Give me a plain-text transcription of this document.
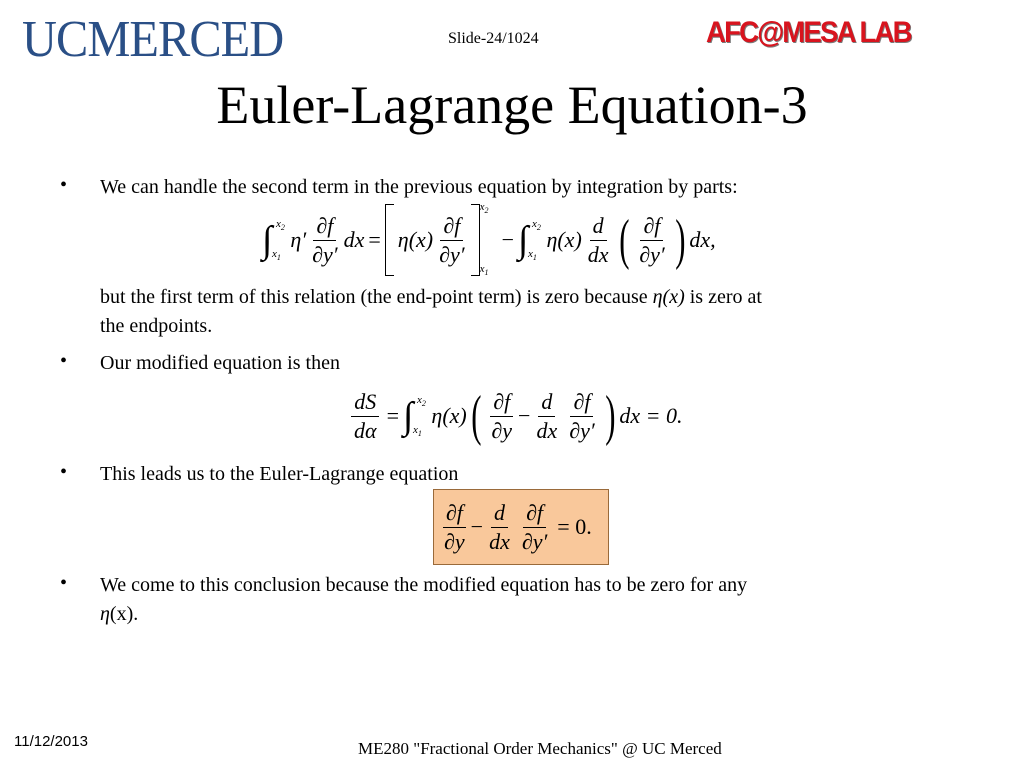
UCMERCED	Slide-24/1024	AFC@MESA LAB
Euler-Lagrange Equation-3
• We can handle the second term in the previous equation by integration by parts:
∫ $x_2$
$x_1$
$\eta' \frac{\partial f}{\partial y'}$ dx = η $(x) \frac{\partial f}{\partial y'}$
$x_2$
$x_1$
− ∫ $x_2$
$x_1$
η $(x) \frac{d}{dx}$ ( $\frac{\partial f}{\partial y'}$ ) dx,
but the first term of this relation (the end-point term) is zero because η(x) is zero at
the endpoints.
• Our modified equation is then
$\frac{dS}{d\alpha}$ = ∫ $x_2$
$x_1$
η (x) ( $\frac{\partial f}{\partial y} - \frac{d}{dx} \frac{\partial f}{\partial y'}$ ) dx = 0.
• This leads us to the Euler-Lagrange equation
$\frac{\partial f}{\partial y} - \frac{d}{dx} \frac{\partial f}{\partial y'} = 0$.
• We come to this conclusion because the modified equation has to be zero for any
η(x).
11/12/2013	ME280 "Fractional Order Mechanics" @ UC Merced
